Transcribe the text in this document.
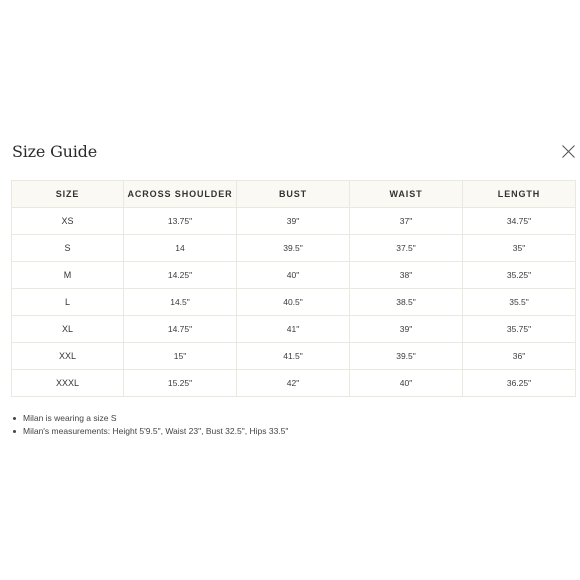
Size Guide
SIZE	ACROSS SHOULDER	BUST	WAIST	LENGTH
XS	13.75"	39"	37"	34.75"
S	14	39.5"	37.5"	35"
M	14.25"	40"	38"	35.25"
L	14.5"	40.5"	38.5"	35.5"
XL	14.75"	41"	39"	35.75"
XXL	15"	41.5"	39.5"	36"
XXXL	15.25"	42"	40"	36.25"
Milan is wearing a size S
Milan's measurements: Height 5'9.5", Waist 23", Bust 32.5", Hips 33.5"
